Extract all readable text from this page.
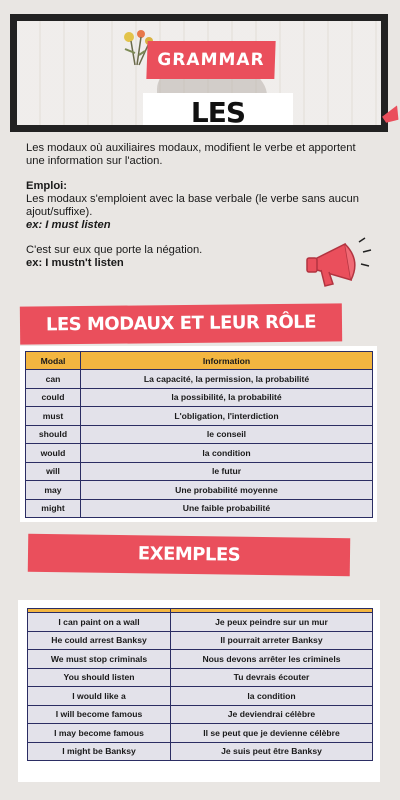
GRAMMAR
LES

Les modaux où auxiliaires modaux, modifient le verbe et apportent une information sur l'action.

Emploi:
Les modaux s'emploient avec la base verbale (le verbe sans aucun ajout/suffixe).
ex: I must listen

C'est sur eux que porte la négation.
ex: I mustn't listen

LES MODAUX ET LEUR RÔLE
Modal	Information
can	La capacité, la permission, la probabilité
could	la possibilité, la probabilité
must	L'obligation, l'interdiction
should	le conseil
would	la condition
will	le futur
may	Une probabilité moyenne
might	Une faible probabilité
EXEMPLES

I can paint on a wall	Je peux peindre sur un mur
He could arrest Banksy	Il pourrait arreter Banksy
We must stop criminals	Nous devons arrêter les criminels
You should listen	Tu devrais écouter
I would like a	la condition
I will become famous	Je deviendrai célèbre
I may become famous	Il se peut que je devienne célèbre
I might be Banksy	Je suis peut être Banksy
